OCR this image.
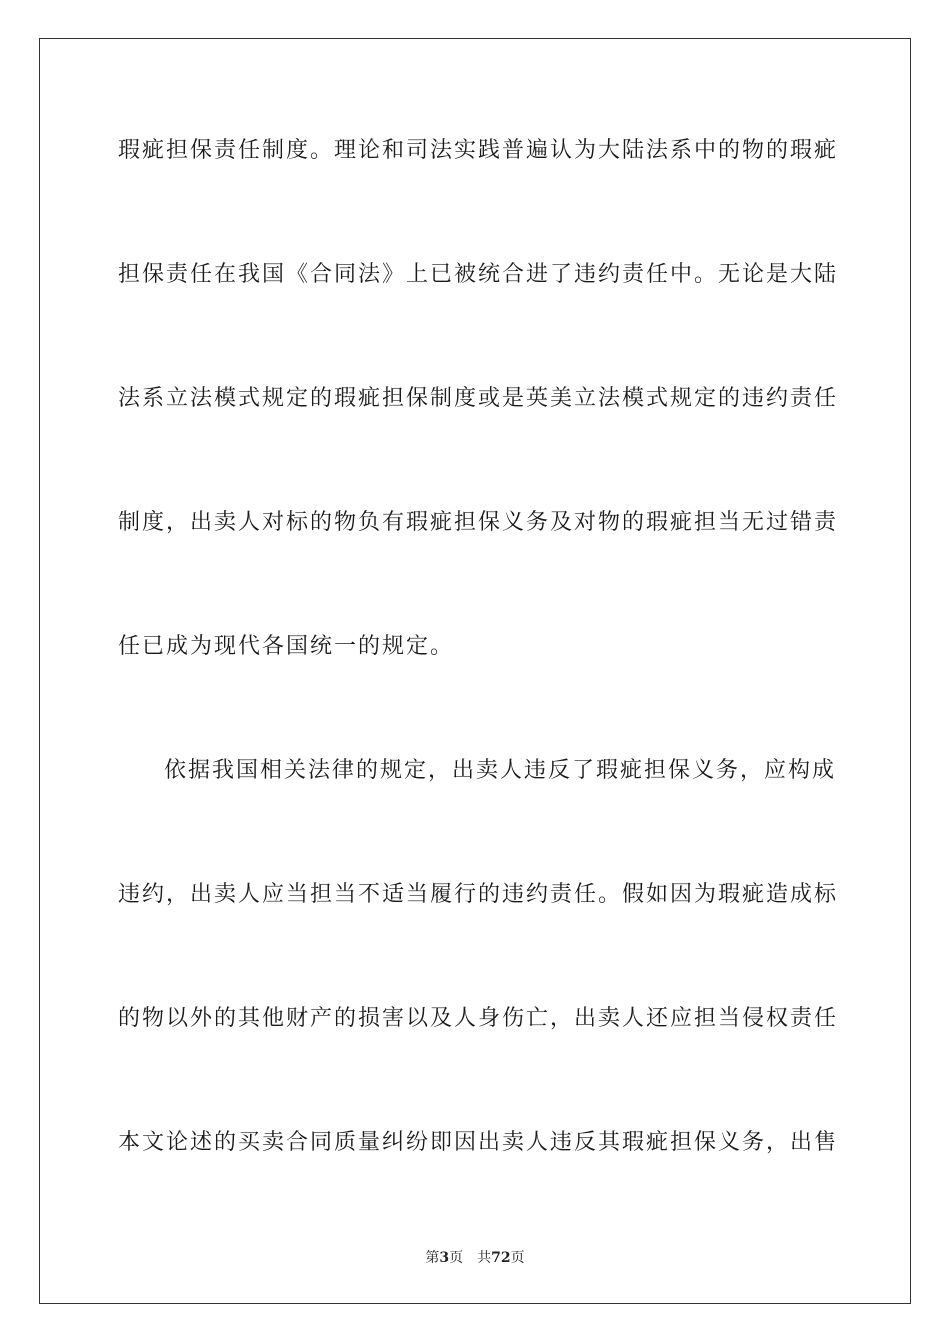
瑕疵担保责任制度。理论和司法实践普遍认为大陆法系中的物的瑕疵
担保责任在我国《合同法》上已被统合进了违约责任中。无论是大陆
法系立法模式规定的瑕疵担保制度或是英美立法模式规定的违约责任
制度，出卖人对标的物负有瑕疵担保义务及对物的瑕疵担当无过错责
任已成为现代各国统一的规定。
依据我国相关法律的规定，出卖人违反了瑕疵担保义务，应构成
违约，出卖人应当担当不适当履行的违约责任。假如因为瑕疵造成标
的物以外的其他财产的损害以及人身伤亡，出卖人还应担当侵权责任
本文论述的买卖合同质量纠纷即因出卖人违反其瑕疵担保义务，出售
第3页 共72页
